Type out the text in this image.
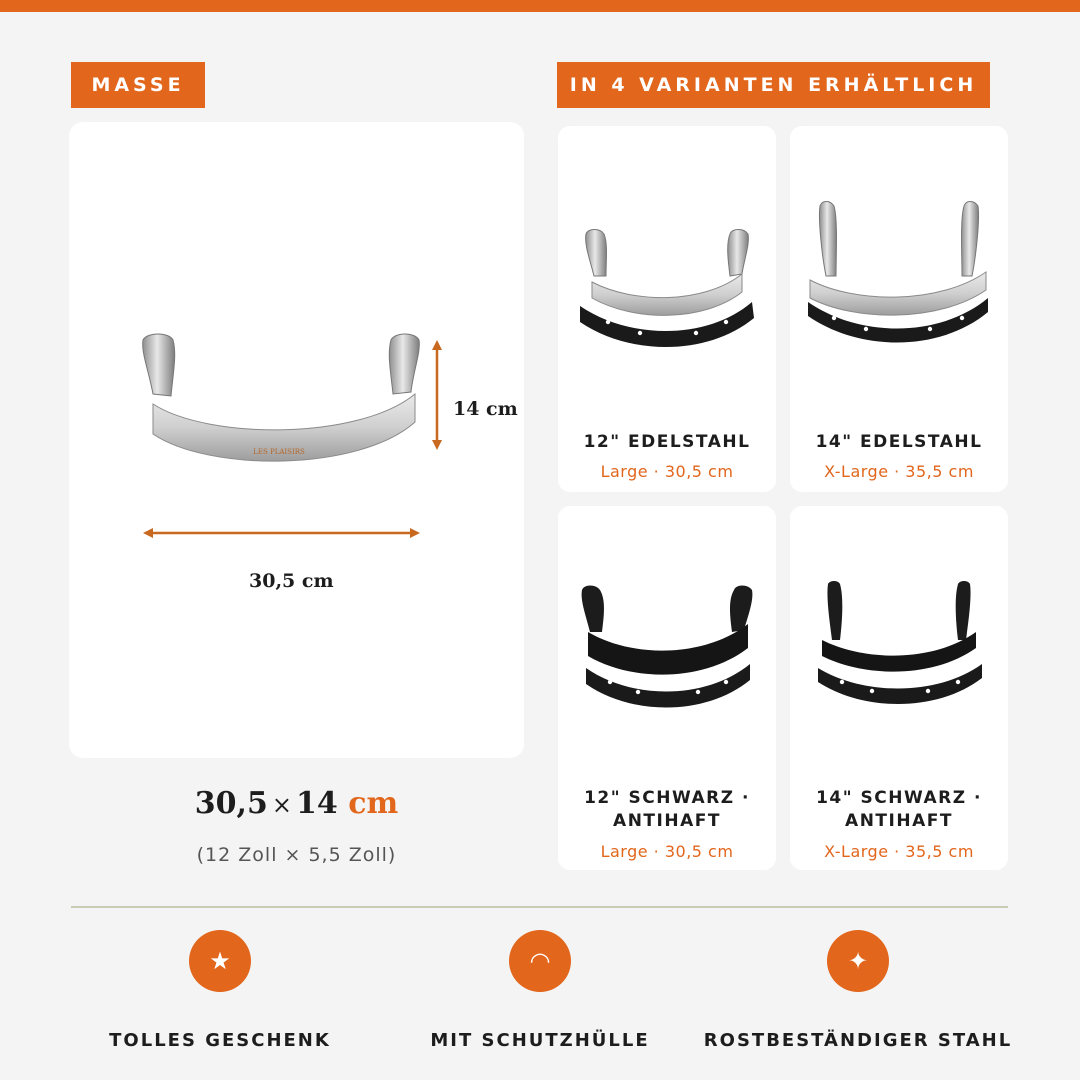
MASSE	IN 4 VARIANTEN ERHÄLTLICH
LES PLAISIRS
14 cm
30,5 cm
30,5 × 14 cm
(12 Zoll × 5,5 Zoll)
12" EDELSTAHL
Large · 30,5 cm
14" EDELSTAHL
X-Large · 35,5 cm
12" SCHWARZ ·
ANTIHAFT
Large · 30,5 cm
14" SCHWARZ ·
ANTIHAFT
X-Large · 35,5 cm
★
TOLLES GESCHENK
◠
MIT SCHUTZHÜLLE
✦
ROSTBESTÄNDIGER STAHL
